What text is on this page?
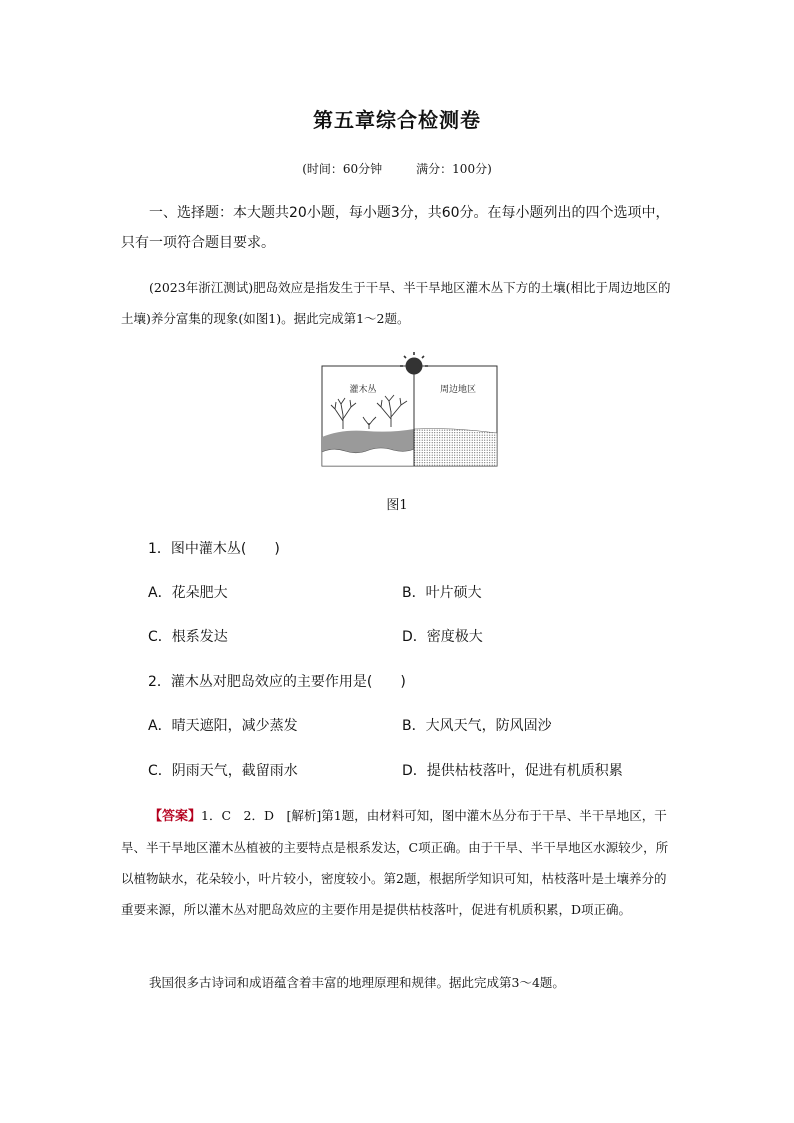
第五章综合检测卷
(时间：60分钟	满分：100分)
一、选择题：本大题共20小题，每小题3分，共60分。在每小题列出的四个选项中，只有一项符合题目要求。
(2023年浙江测试)肥岛效应是指发生于干旱、半干旱地区灌木丛下方的土壤(相比于周边地区的土壤)养分富集的现象(如图1)。据此完成第1～2题。
灌木丛	周边地区
图1
1．图中灌木丛(　　)
A．花朵肥大	B．叶片硕大
C．根系发达	D．密度极大
2．灌木丛对肥岛效应的主要作用是(　　)
A．晴天遮阳，减少蒸发	B．大风天气，防风固沙
C．阴雨天气，截留雨水	D．提供枯枝落叶，促进有机质积累
【答案】1．C　2．D　[解析]第1题，由材料可知，图中灌木丛分布于干旱、半干旱地区，干旱、半干旱地区灌木丛植被的主要特点是根系发达，C项正确。由于干旱、半干旱地区水源较少，所以植物缺水，花朵较小，叶片较小，密度较小。第2题，根据所学知识可知，枯枝落叶是土壤养分的重要来源，所以灌木丛对肥岛效应的主要作用是提供枯枝落叶，促进有机质积累，D项正确。
我国很多古诗词和成语蕴含着丰富的地理原理和规律。据此完成第3～4题。
